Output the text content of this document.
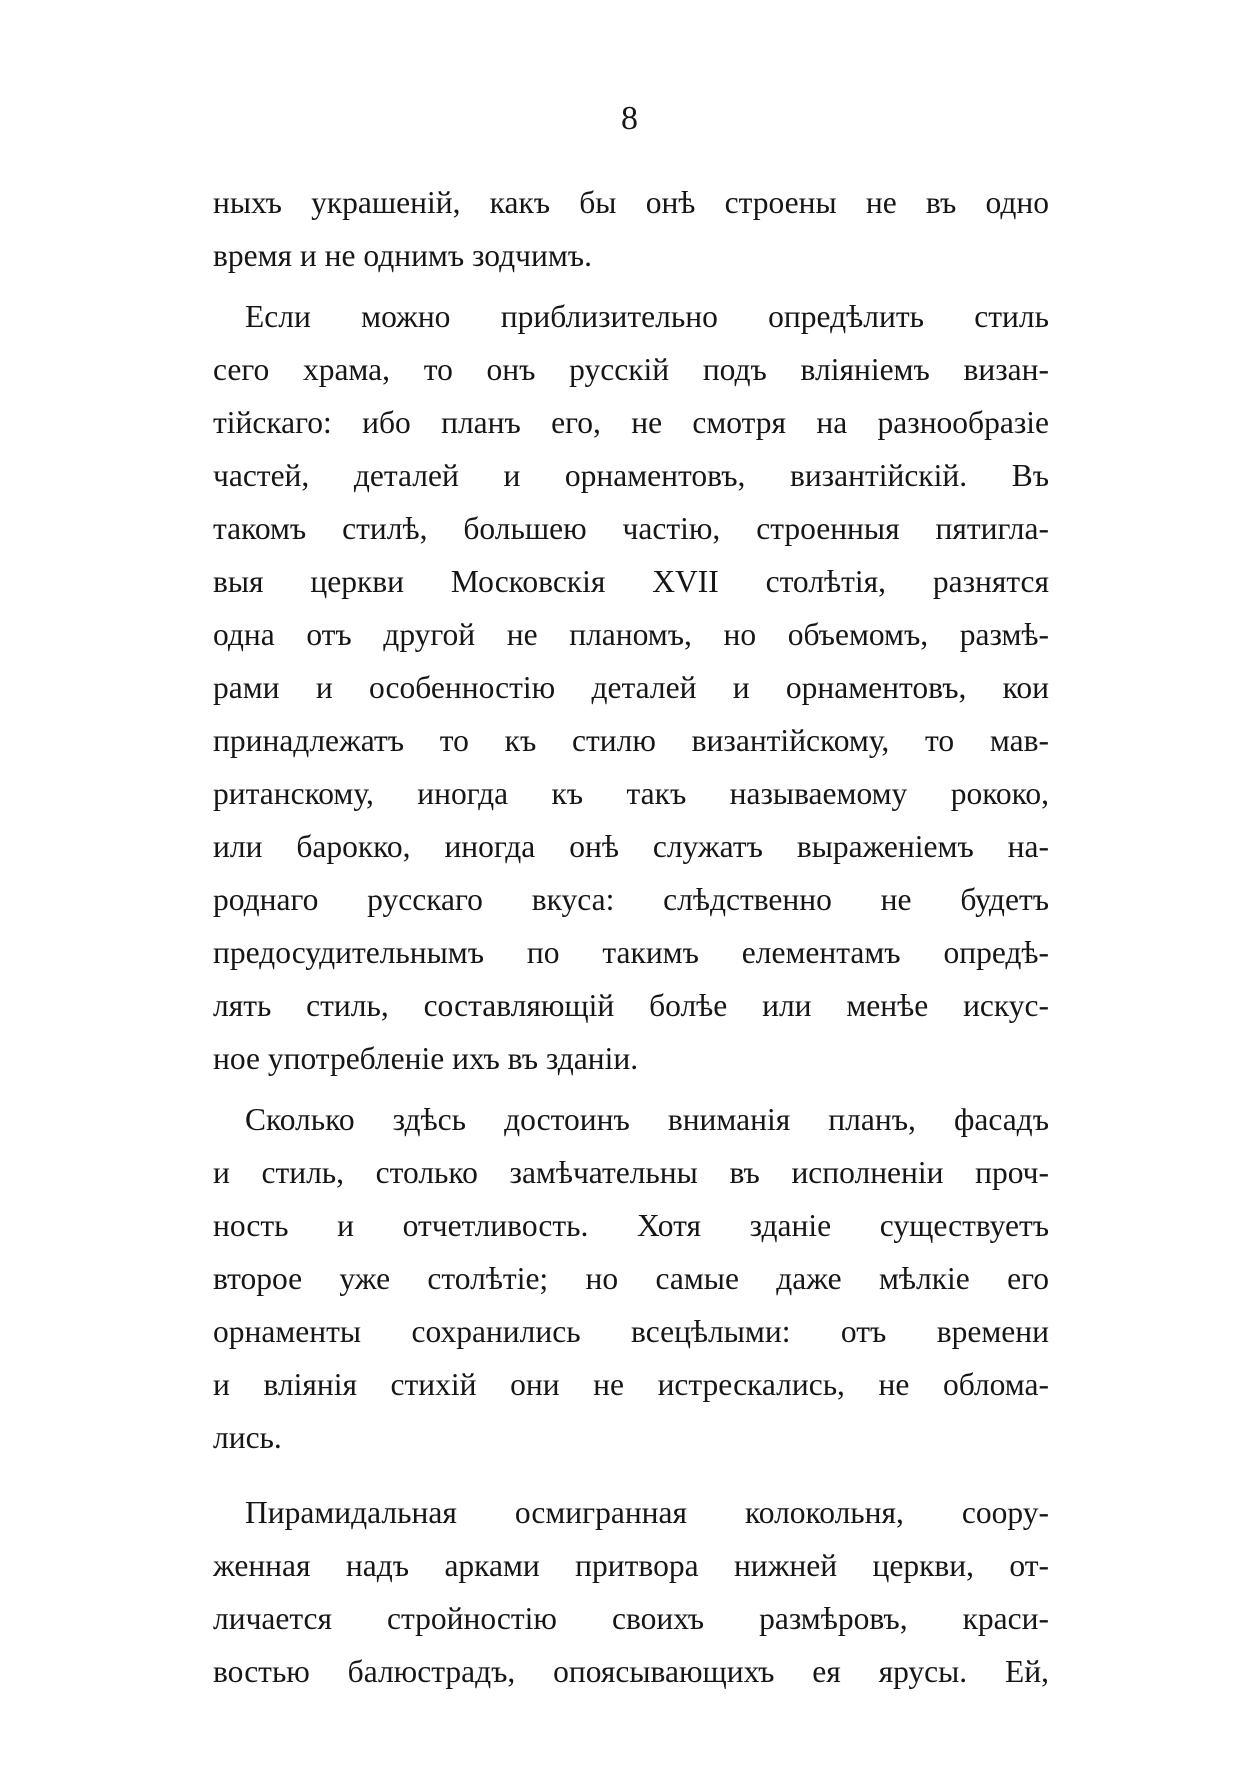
8
ныхъ украшеній, какъ бы онѣ строены не въ одно
время и не однимъ зодчимъ.
Если можно приблизительно опредѣлить стиль
сего храма, то онъ русскій подъ вліяніемъ визан-
тійскаго: ибо планъ его, не смотря на разнообразіе
частей, деталей и орнаментовъ, византійскій. Въ
такомъ стилѣ, большею частію, строенныя пятигла-
выя церкви Московскія XVII столѣтія, разнятся
одна отъ другой не планомъ, но объемомъ, размѣ-
рами и особенностію деталей и орнаментовъ, кои
принадлежатъ то къ стилю византійскому, то мав-
ританскому, иногда къ такъ называемому рококо,
или барокко, иногда онѣ служатъ выраженіемъ на-
роднаго русскаго вкуса: слѣдственно не будетъ
предосудительнымъ по такимъ елементамъ опредѣ-
лять стиль, составляющій болѣе или менѣе искус-
ное употребленіе ихъ въ зданіи.
Сколько здѣсь достоинъ вниманія планъ, фасадъ
и стиль, столько замѣчательны въ исполненіи проч-
ность и отчетливость. Хотя зданіе существуетъ
второе уже столѣтіе; но самые даже мѣлкіе его
орнаменты сохранились всецѣлыми: отъ времени
и вліянія стихій они не истрескались, не облома-
лись.
Пирамидальная осмигранная колокольня, соору-
женная надъ арками притвора нижней церкви, от-
личается стройностію своихъ размѣровъ, краси-
востью балюстрадъ, опоясывающихъ ея ярусы. Ей,
